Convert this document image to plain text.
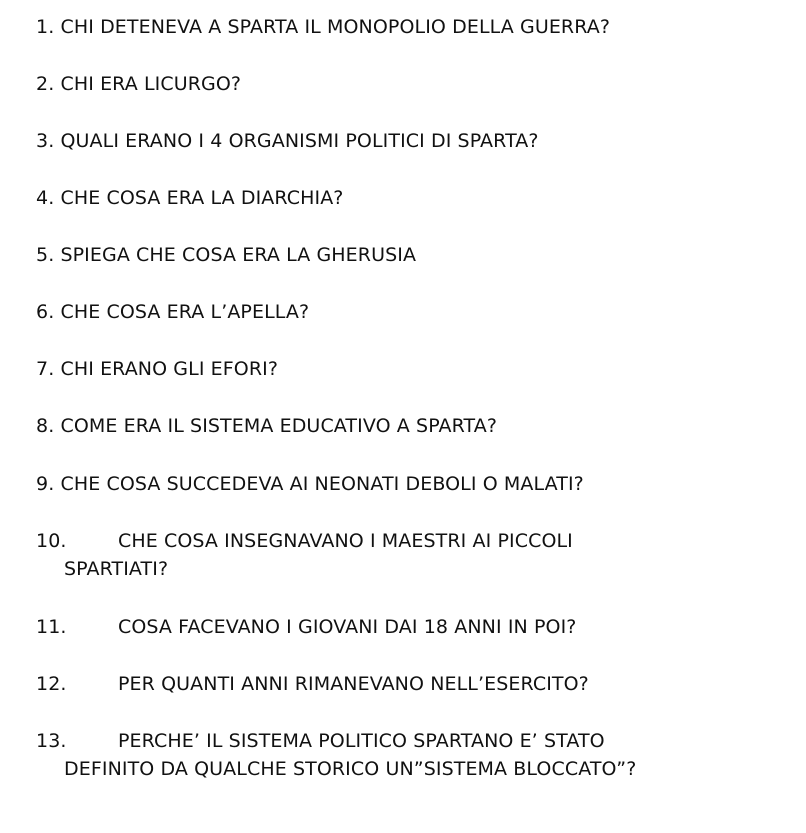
1. CHI DETENEVA A SPARTA IL MONOPOLIO DELLA GUERRA?
2. CHI ERA LICURGO?
3. QUALI ERANO I 4 ORGANISMI POLITICI DI SPARTA?
4. CHE COSA ERA LA DIARCHIA?
5. SPIEGA CHE COSA ERA LA GHERUSIA
6. CHE COSA ERA L’APELLA?
7. CHI ERANO GLI EFORI?
8. COME ERA IL SISTEMA EDUCATIVO A SPARTA?
9. CHE COSA SUCCEDEVA AI NEONATI DEBOLI O MALATI?
10.	CHE COSA INSEGNAVANO I MAESTRI AI PICCOLI
SPARTIATI?
11.	COSA FACEVANO I GIOVANI DAI 18 ANNI IN POI?
12.	PER QUANTI ANNI RIMANEVANO NELL’ESERCITO?
13.	PERCHE’ IL SISTEMA POLITICO SPARTANO E’ STATO
DEFINITO DA QUALCHE STORICO UN”SISTEMA BLOCCATO”?
